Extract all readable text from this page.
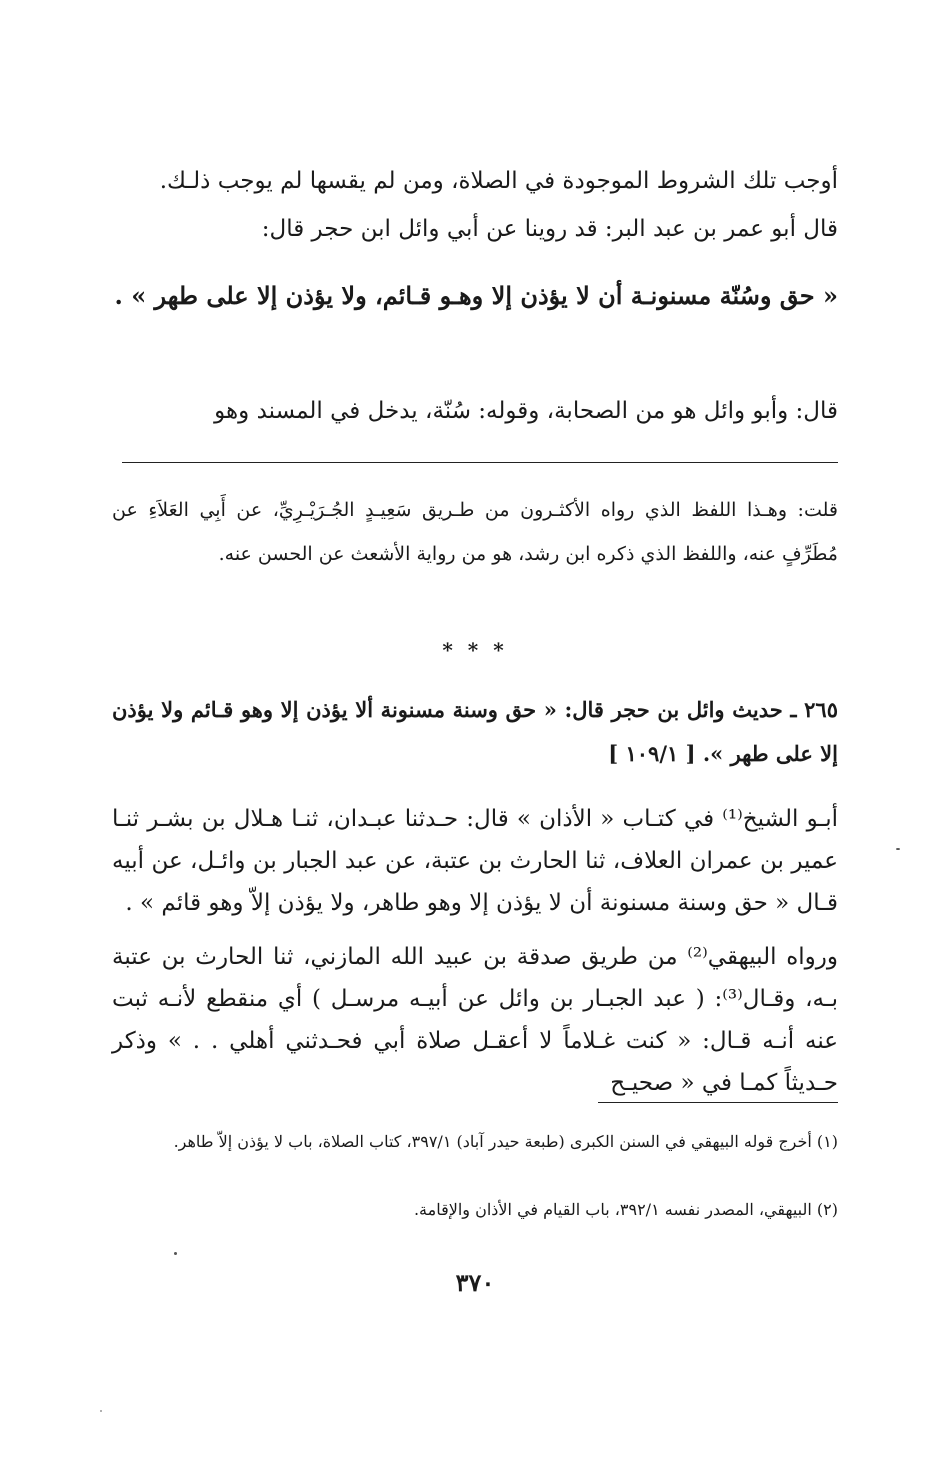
أوجب تلك الشروط الموجودة في الصلاة، ومن لم يقسها لم يوجب ذلـك.
قال أبو عمر بن عبد البر: قد روينا عن أبي وائل ابن حجر قال:
« حق وسُنّة مسنونـة أن لا يؤذن إلا وهـو قـائم، ولا يؤذن إلا على طهر » .
قال: وأبو وائل هو من الصحابة، وقوله: سُنّة، يدخل في المسند وهو
قلت: وهـذا اللفظ الذي رواه الأكثـرون من طـريق سَعِيـدٍ الجُـرَيْـرِيِّ، عن أَبِي العَلاَءِ عن مُطَرِّفٍ عنه، واللفظ الذي ذكره ابن رشد، هو من رواية الأشعث عن الحسن عنه.
* * *
٢٦٥ ـ حديث وائل بن حجر قال: « حق وسنة مسنونة ألا يؤذن إلا وهو قـائم ولا يؤذن إلا على طهر ». [ ١٠٩/١ ]
أبـو الشيخ⁽¹⁾ في كتـاب « الأذان » قال: حـدثنا عبـدان، ثنـا هـلال بن بشـر ثنـا عمير بن عمران العلاف، ثنا الحارث بن عتبة، عن عبد الجبار بن وائـل، عن أبيه قـال « حق وسنة مسنونة أن لا يؤذن إلا وهو طاهر، ولا يؤذن إلاّ وهو قائم » .
ورواه البيهقي⁽²⁾ من طريق صدقة بن عبيد الله المازني، ثنا الحارث بن عتبة بـه، وقـال⁽³⁾: ( عبد الجبـار بن وائل عن أبيـه مرسـل ) أي منقطع لأنـه ثبت عنه أنـه قـال: « كنت غـلاماً لا أعقـل صلاة أبي فحـدثني أهلي . . » وذكر حـديثاً كمـا في « صحيـح
(١) أخرج قوله البيهقي في السنن الكبرى (طبعة حيدر آباد) ٣٩٧/١، كتاب الصلاة، باب لا يؤذن إلاّ طاهر.
(٢) البيهقي، المصدر نفسه ٣٩٢/١، باب القيام في الأذان والإقامة.
٣٧٠
